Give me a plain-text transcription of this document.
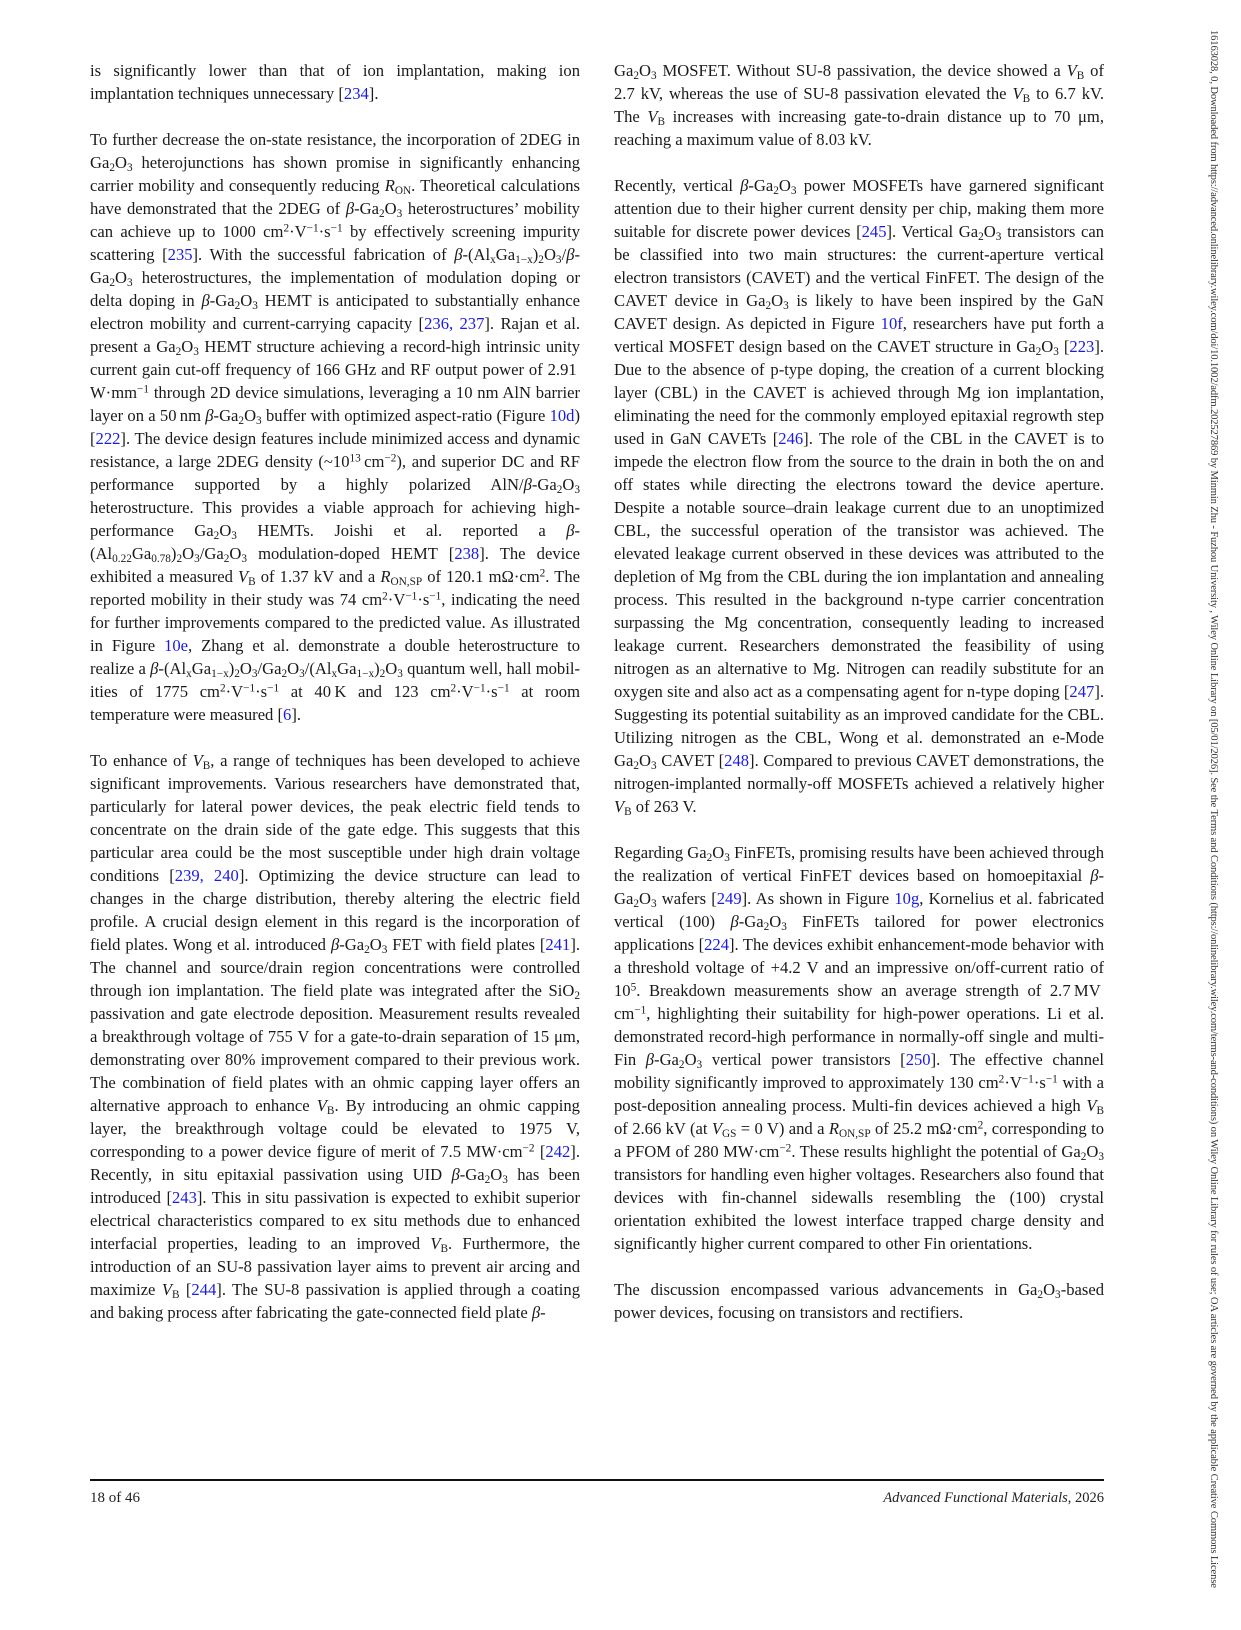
is significantly lower than that of ion implantation, making ion implantation techniques unnecessary [234].

To further decrease the on-state resistance, the incorporation of 2DEG in $Ga_2O_3$ heterojunctions has shown promise in significantly enhancing carrier mobility and consequently reducing $R_{ON}$. Theoretical calculations have demonstrated that the 2DEG of $\beta-Ga_2O_3$ heterostructures’ mobility can achieve up to 1000 $cm^2\cdot V^{-1}\cdot s^{-1}$ by effectively screening impurity scattering [235]. With the successful fabrication of $\beta-(Al_xGa_{1-x})_2O_3/\beta-Ga_2O_3$ heterostructures, the implementation of modulation doping or delta doping in $\beta-Ga_2O_3$ HEMT is anticipated to substantially enhance electron mobility and current-carrying capacity [236, 237]. Rajan et al. present a $Ga_2O_3$ HEMT structure achieving a record-high intrinsic unity current gain cut-off frequency of 166 GHz and RF output power of 2.91 $W\cdot mm^{-1}$ through 2D device simulations, leveraging a 10 nm AlN barrier layer on a 50 nm $\beta-Ga_2O_3$ buffer with optimized aspect-ratio (Figure 10d) [222]. The device design features include minimized access and dynamic resistance, a large 2DEG density ($\sim 10^{13}$ $cm^{-2}$), and superior DC and RF performance supported by a highly polarized AlN/$\beta-Ga_2O_3$ heterostructure. This provides a viable approach for achieving high-performance $Ga_2O_3$ HEMTs. Joishi et al. reported a $\beta-(Al_{0.22}Ga_{0.78})_2O_3/Ga_2O_3$ modulation-doped HEMT [238]. The device exhibited a measured $V_B$ of 1.37 kV and a $R_{ON,SP}$ of 120.1 $m\Omega\cdot cm^2$. The reported mobility in their study was 74 $cm^2\cdot V^{-1}\cdot s^{-1}$, indicating the need for further improvements compared to the predicted value. As illustrated in Figure 10e, Zhang et al. demonstrate a double heterostructure to realize a $\beta-(Al_xGa_{1-x})_2O_3/Ga_2O_3/(Al_xGa_{1-x})_2O_3$ quantum well, hall mobilities of 1775 $cm^2\cdot V^{-1}\cdot s^{-1}$ at 40 K and 123 $cm^2\cdot V^{-1}\cdot s^{-1}$ at room temperature were measured [6].

To enhance of $V_B$, a range of techniques has been developed to achieve significant improvements. Various researchers have demonstrated that, particularly for lateral power devices, the peak electric field tends to concentrate on the drain side of the gate edge. This suggests that this particular area could be the most susceptible under high drain voltage conditions [239, 240]. Optimizing the device structure can lead to changes in the charge distribution, thereby altering the electric field profile. A crucial design element in this regard is the incorporation of field plates. Wong et al. introduced $\beta-Ga_2O_3$ FET with field plates [241]. The channel and source/drain region concentrations were controlled through ion implantation. The field plate was integrated after the SiO$_2$ passivation and gate electrode deposition. Measurement results revealed a breakthrough voltage of 755 V for a gate-to-drain separation of 15 μm, demonstrating over 80% improvement compared to their previous work. The combination of field plates with an ohmic capping layer offers an alternative approach to enhance $V_B$. By introducing an ohmic capping layer, the breakthrough voltage could be elevated to 1975 V, corresponding to a power device figure of merit of 7.5 $MW\cdot cm^{-2}$ [242]. Recently, in situ epitaxial passivation using UID $\beta-Ga_2O_3$ has been introduced [243]. This in situ passivation is expected to exhibit superior electrical characteristics compared to ex situ methods due to enhanced interfacial properties, leading to an improved $V_B$. Furthermore, the introduction of an SU-8 passivation layer aims to prevent air arcing and maximize $V_B$ [244]. The SU-8 passivation is applied through a coating and baking process after fabricating the gate-connected field plate β-

$Ga_2O_3$ MOSFET. Without SU-8 passivation, the device showed a $V_B$ of 2.7 kV, whereas the use of SU-8 passivation elevated the $V_B$ to 6.7 kV. The $V_B$ increases with increasing gate-to-drain distance up to 70 μm, reaching a maximum value of 8.03 kV.

Recently, vertical $\beta-Ga_2O_3$ power MOSFETs have garnered significant attention due to their higher current density per chip, making them more suitable for discrete power devices [245]. Vertical $Ga_2O_3$ transistors can be classified into two main structures: the current-aperture vertical electron transistors (CAVET) and the vertical FinFET. The design of the CAVET device in $Ga_2O_3$ is likely to have been inspired by the GaN CAVET design. As depicted in Figure 10f, researchers have put forth a vertical MOSFET design based on the CAVET structure in $Ga_2O_3$ [223]. Due to the absence of p-type doping, the creation of a current blocking layer (CBL) in the CAVET is achieved through Mg ion implantation, eliminating the need for the commonly employed epitaxial regrowth step used in GaN CAVETs [246]. The role of the CBL in the CAVET is to impede the electron flow from the source to the drain in both the on and off states while directing the electrons toward the device aperture. Despite a notable source–drain leakage current due to an unoptimized CBL, the successful operation of the transistor was achieved. The elevated leakage current observed in these devices was attributed to the depletion of Mg from the CBL during the ion implantation and annealing process. This resulted in the background n-type carrier concentration surpassing the Mg concentration, consequently leading to increased leakage current. Researchers demonstrated the feasibility of using nitrogen as an alternative to Mg. Nitrogen can readily substitute for an oxygen site and also act as a compensating agent for n-type doping [247]. Suggesting its potential suitability as an improved candidate for the CBL. Utilizing nitrogen as the CBL, Wong et al. demonstrated an e-Mode $Ga_2O_3$ CAVET [248]. Compared to previous CAVET demonstrations, the nitrogen-implanted normally-off MOSFETs achieved a relatively higher $V_B$ of 263 V.

Regarding $Ga_2O_3$ FinFETs, promising results have been achieved through the realization of vertical FinFET devices based on homoepitaxial $\beta-Ga_2O_3$ wafers [249]. As shown in Figure 10g, Kornelius et al. fabricated vertical (100) $\beta-Ga_2O_3$ FinFETs tailored for power electronics applications [224]. The devices exhibit enhancement-mode behavior with a threshold voltage of +4.2 V and an impressive on/off-current ratio of $10^5$. Breakdown measurements show an average strength of 2.7 MV $cm^{-1}$, highlighting their suitability for high-power operations. Li et al. demonstrated record-high performance in normally-off single and multi-Fin $\beta-Ga_2O_3$ vertical power transistors [250]. The effective channel mobility significantly improved to approximately 130 $cm^2\cdot V^{-1}\cdot s^{-1}$ with a post-deposition annealing process. Multi-fin devices achieved a high $V_B$ of 2.66 kV (at $V_{GS} = 0$ V) and a $R_{ON,SP}$ of 25.2 $m\Omega\cdot cm^2$, corresponding to a PFOM of 280 $MW\cdot cm^{-2}$. These results highlight the potential of $Ga_2O_3$ transistors for handling even higher voltages. Researchers also found that devices with fin-channel sidewalls resembling the (100) crystal orientation exhibited the lowest interface trapped charge density and significantly higher current compared to other Fin orientations.

The discussion encompassed various advancements in $Ga_2O_3$-based power devices, focusing on transistors and rectifiers.

18 of 46	Advanced Functional Materials, 2026	16163028, 0, Downloaded from https://advanced.onlinelibrary.wiley.com/doi/10.1002/adfm.202527869 by Minmin Zhu - Fuzhou University , Wiley Online Library on [05/01/2026]. See the Terms and Conditions (https://onlinelibrary.wiley.com/terms-and-conditions) on Wiley Online Library for rules of use; OA articles are governed by the applicable Creative Commons License
